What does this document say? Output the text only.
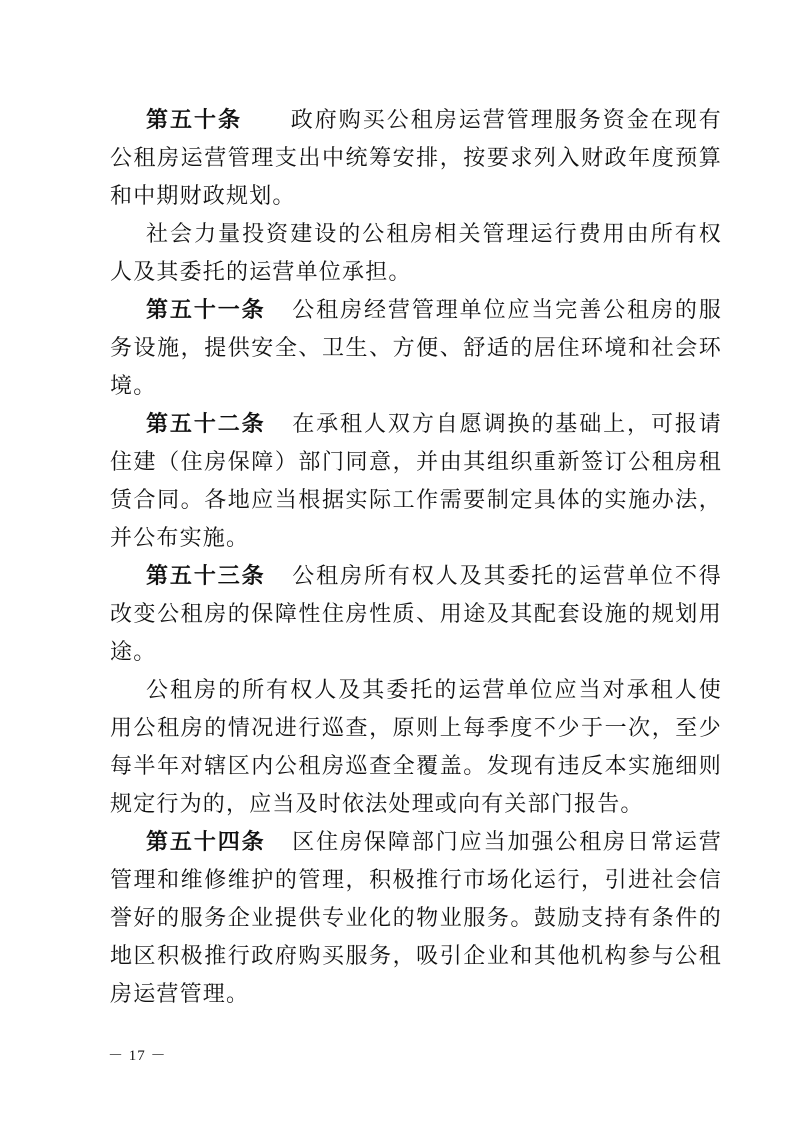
第五十条 政府购买公租房运营管理服务资金在现有公租房运营管理支出中统筹安排，按要求列入财政年度预算和中期财政规划。

社会力量投资建设的公租房相关管理运行费用由所有权人及其委托的运营单位承担。

第五十一条 公租房经营管理单位应当完善公租房的服务设施，提供安全、卫生、方便、舒适的居住环境和社会环境。

第五十二条 在承租人双方自愿调换的基础上，可报请住建（住房保障）部门同意，并由其组织重新签订公租房租赁合同。各地应当根据实际工作需要制定具体的实施办法，并公布实施。

第五十三条 公租房所有权人及其委托的运营单位不得改变公租房的保障性住房性质、用途及其配套设施的规划用途。

公租房的所有权人及其委托的运营单位应当对承租人使用公租房的情况进行巡查，原则上每季度不少于一次，至少每半年对辖区内公租房巡查全覆盖。发现有违反本实施细则规定行为的，应当及时依法处理或向有关部门报告。

第五十四条 区住房保障部门应当加强公租房日常运营管理和维修维护的管理，积极推行市场化运行，引进社会信誉好的服务企业提供专业化的物业服务。鼓励支持有条件的地区积极推行政府购买服务，吸引企业和其他机构参与公租房运营管理。

－ 17 －
